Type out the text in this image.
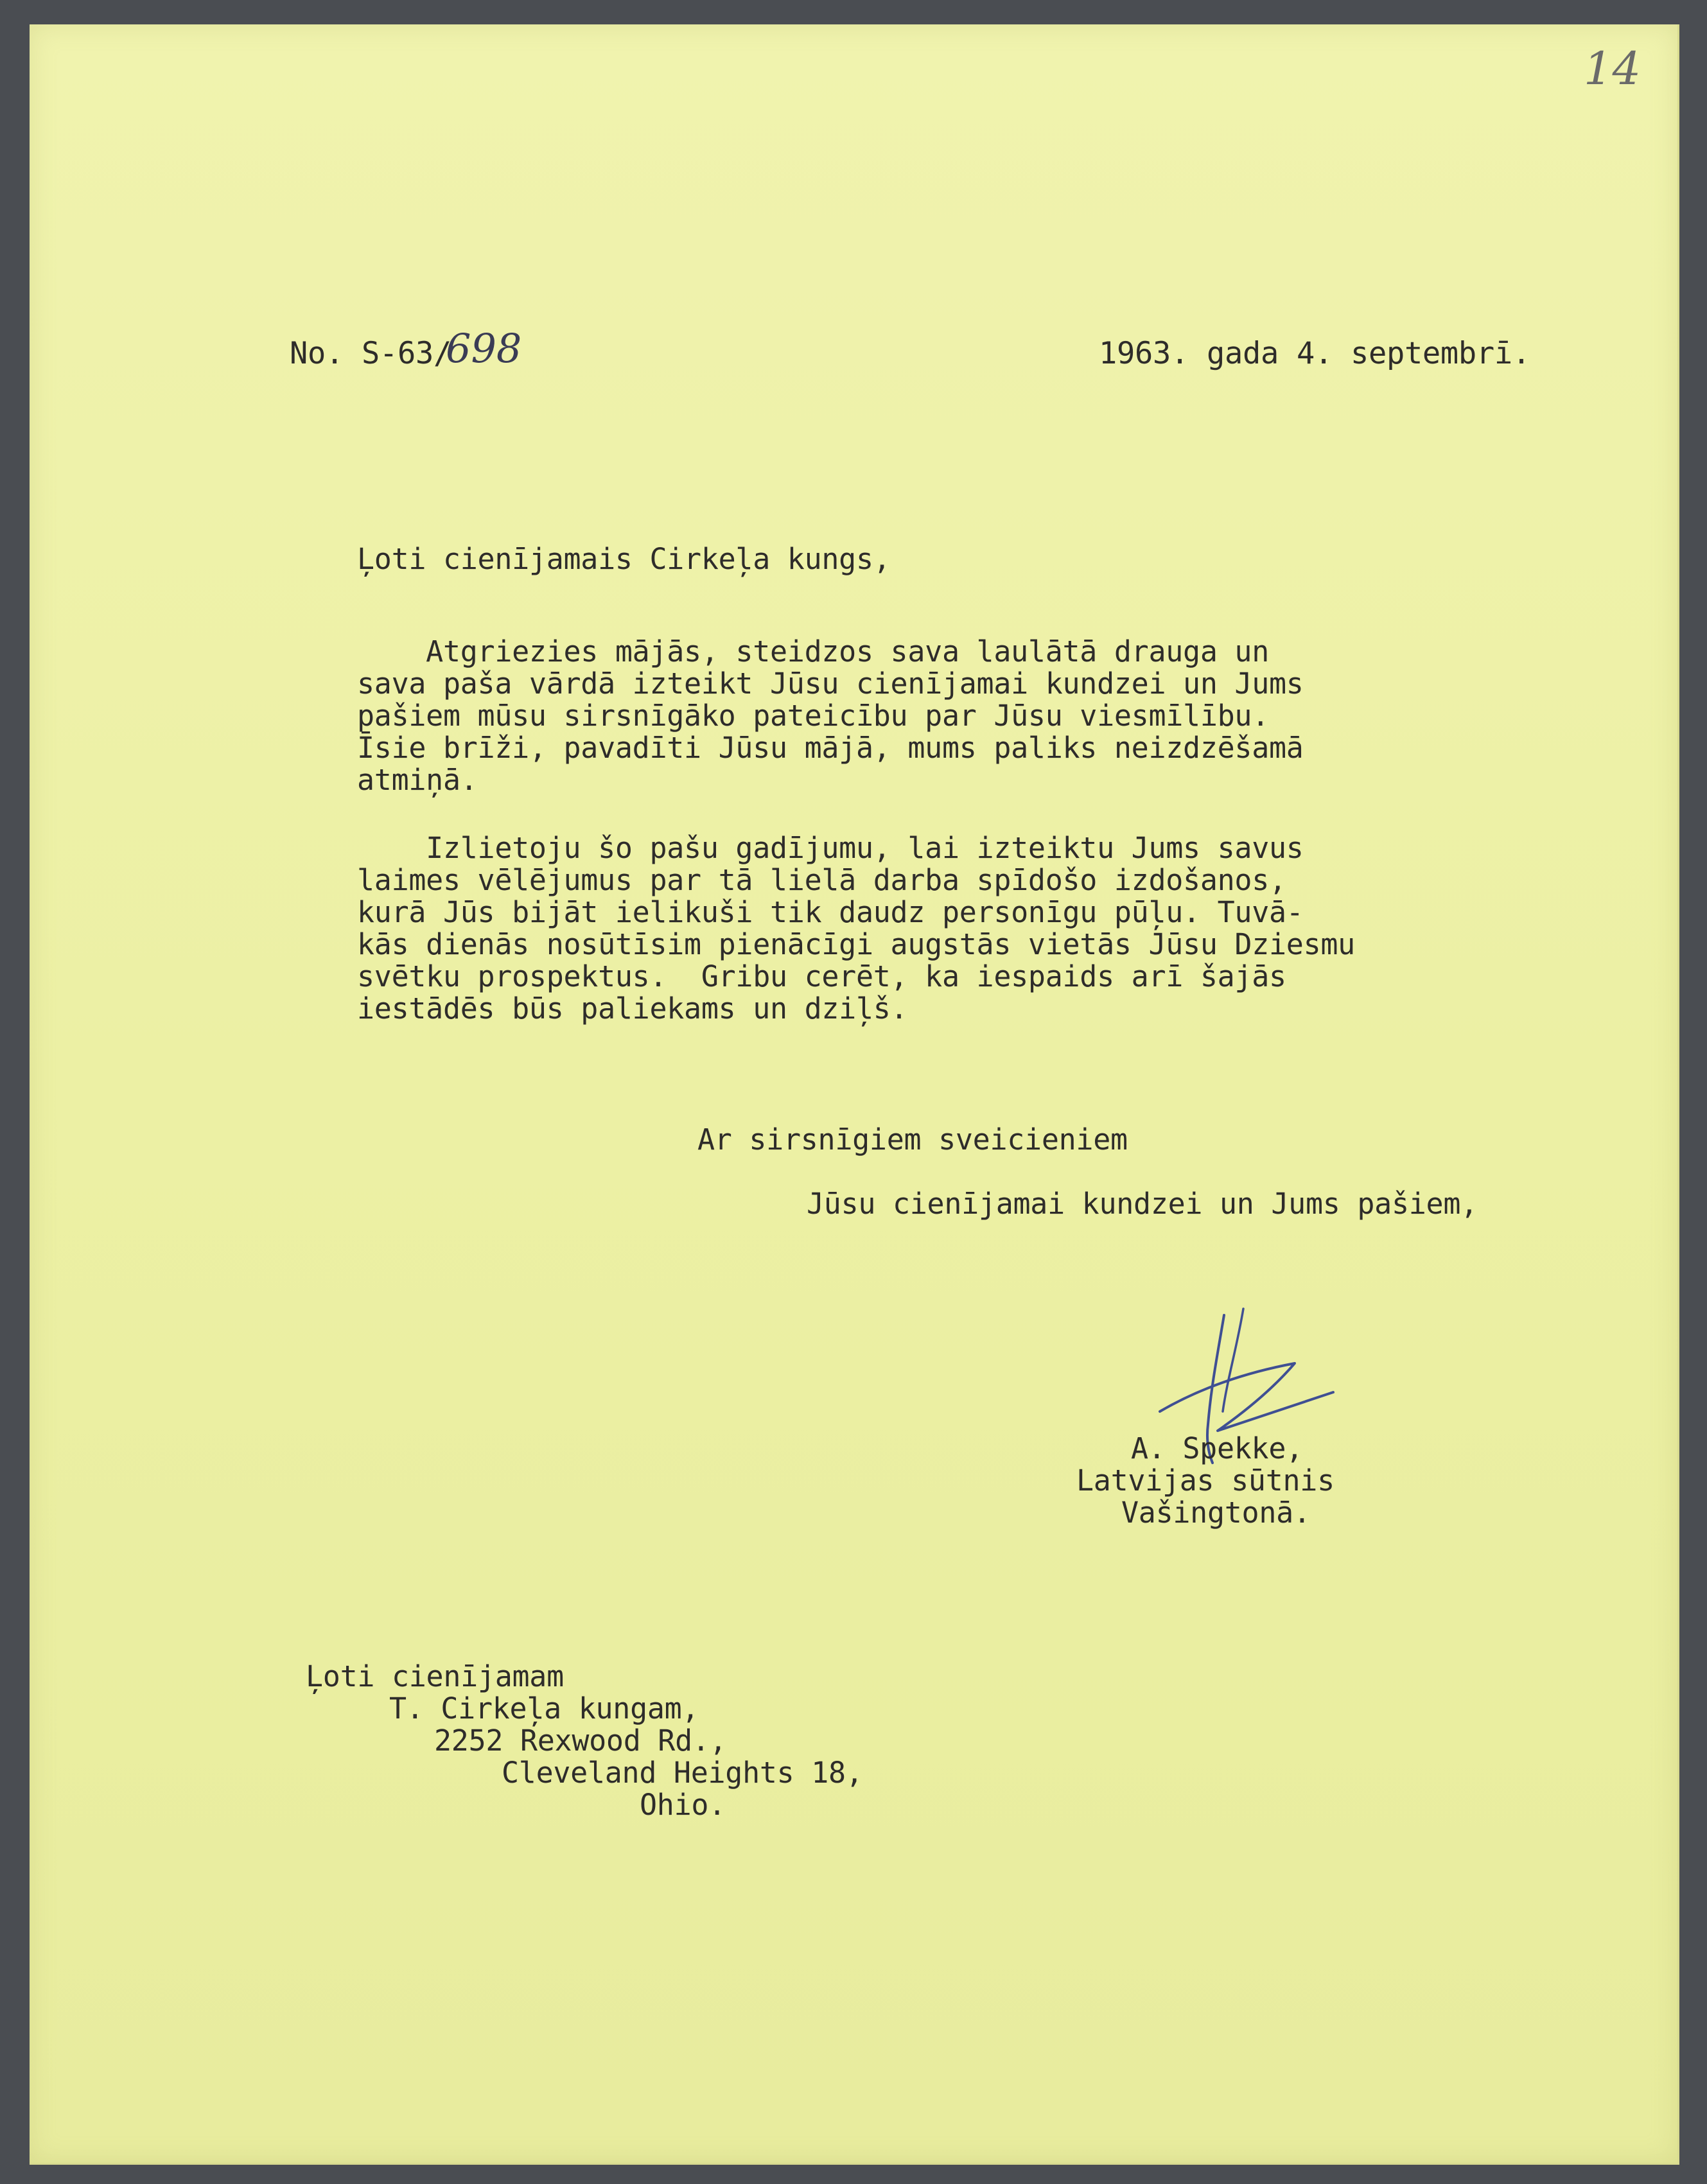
14
No. S-63/
698	1963. gada 4. septembrī.
Ļoti cienījamais Cirkeļa kungs,
Atgriezies mājās, steidzos sava laulātā drauga un
sava paša vārdā izteikt Jūsu cienījamai kundzei un Jums
pašiem mūsu sirsnīgāko pateicību par Jūsu viesmīlību.
Īsie brīži, pavadīti Jūsu mājā, mums paliks neizdzēšamā
atmiņā.
Izlietoju šo pašu gadījumu, lai izteiktu Jums savus
laimes vēlējumus par tā lielā darba spīdošo izdošanos,
kurā Jūs bijāt ielikuši tik daudz personīgu pūļu. Tuvā-
kās dienās nosūtīsim pienācīgi augstās vietās Jūsu Dziesmu
svētku prospektus.  Gribu cerēt, ka iespaids arī šajās
iestādēs būs paliekams un dziļš.
Ar sirsnīgiem sveicieniem
Jūsu cienījamai kundzei un Jums pašiem,
A. Spekke,
Latvijas sūtnis
Vašingtonā.
Ļoti cienījamam
T. Cirkeļa kungam,
2252 Rexwood Rd.,
Cleveland Heights 18,
Ohio.
